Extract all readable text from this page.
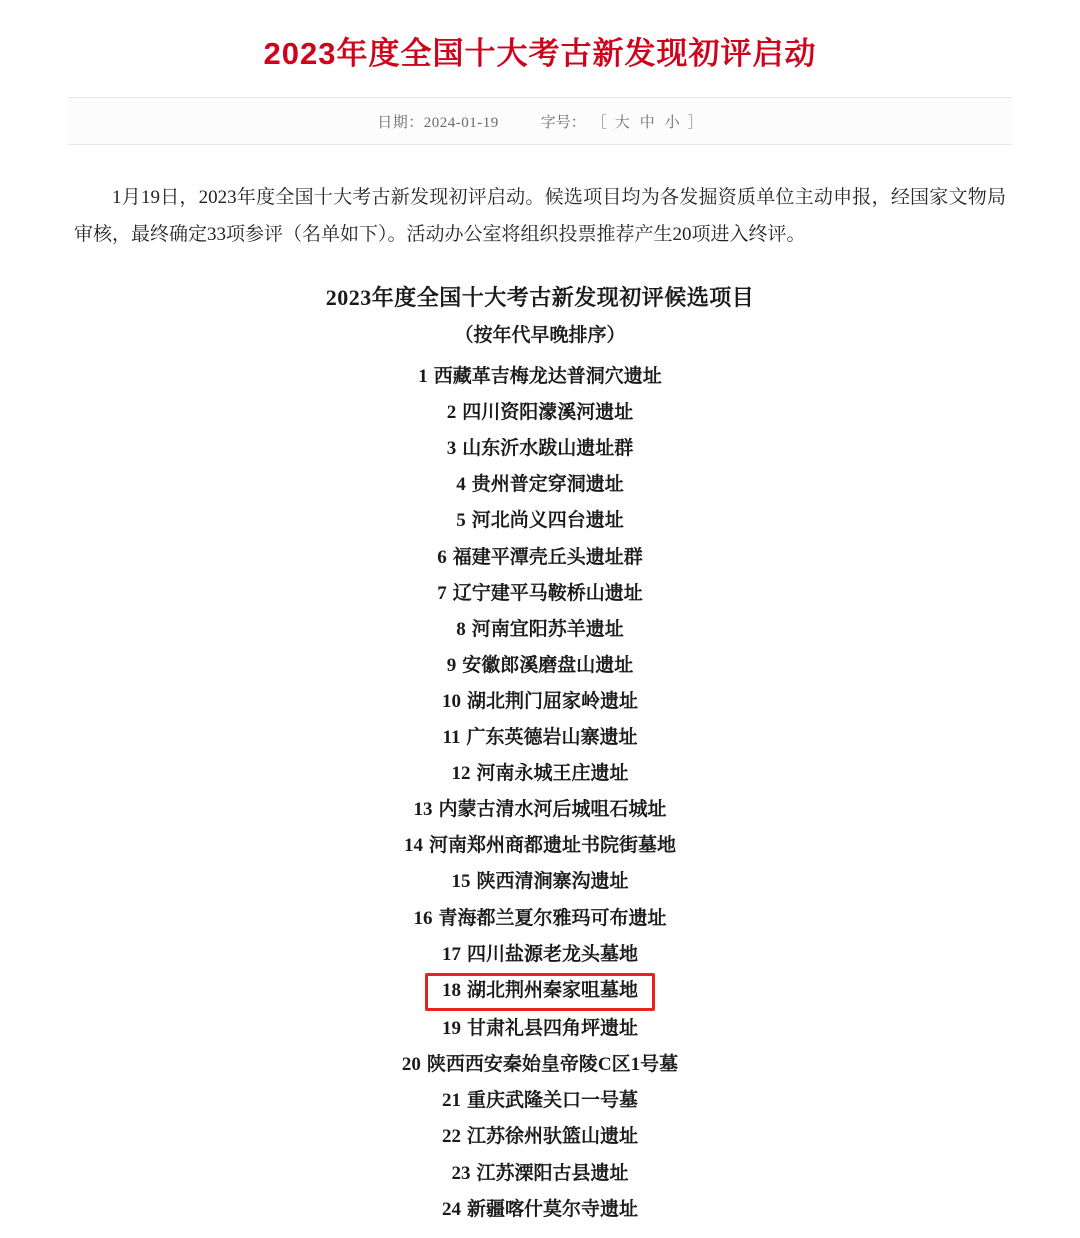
2023年度全国十大考古新发现初评启动
日期：2024-01-19	字号： ［ 大 中 小 ］

1月19日，2023年度全国十大考古新发现初评启动。候选项目均为各发掘资质单位主动申报，经国家文物局审核，最终确定33项参评（名单如下）。活动办公室将组织投票推荐产生20项进入终评。

2023年度全国十大考古新发现初评候选项目
（按年代早晚排序）
1 西藏革吉梅龙达普洞穴遗址
2 四川资阳濛溪河遗址
3 山东沂水跋山遗址群
4 贵州普定穿洞遗址
5 河北尚义四台遗址
6 福建平潭壳丘头遗址群
7 辽宁建平马鞍桥山遗址
8 河南宜阳苏羊遗址
9 安徽郎溪磨盘山遗址
10 湖北荆门屈家岭遗址
11 广东英德岩山寨遗址
12 河南永城王庄遗址
13 内蒙古清水河后城咀石城址
14 河南郑州商都遗址书院街墓地
15 陕西清涧寨沟遗址
16 青海都兰夏尔雅玛可布遗址
17 四川盐源老龙头墓地
18 湖北荆州秦家咀墓地
19 甘肃礼县四角坪遗址
20 陕西西安秦始皇帝陵C区1号墓
21 重庆武隆关口一号墓
22 江苏徐州驮篮山遗址
23 江苏溧阳古县遗址
24 新疆喀什莫尔寺遗址
